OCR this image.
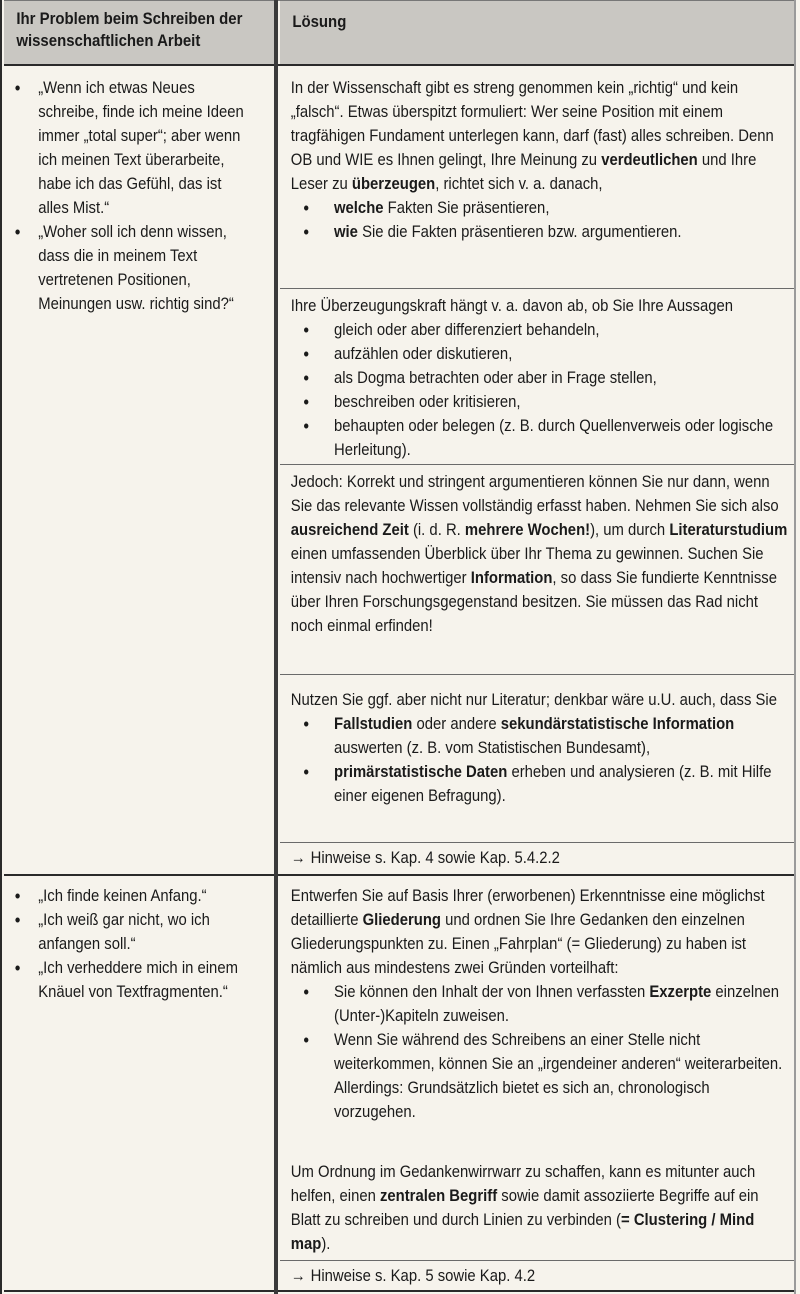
Ihr Problem beim Schreiben der wissenschaftlichen Arbeit
Lösung
• „Wenn ich etwas Neues schreibe, finde ich meine Ideen immer „total super“; aber wenn ich meinen Text überarbeite, habe ich das Gefühl, das ist alles Mist.“
• „Woher soll ich denn wissen, dass die in meinem Text vertretenen Positionen, Meinungen usw. richtig sind?“

In der Wissenschaft gibt es streng genommen kein „richtig“ und kein „falsch“. Etwas überspitzt formuliert: Wer seine Position mit einem tragfähigen Fundament unterlegen kann, darf (fast) alles schreiben. Denn OB und WIE es Ihnen gelingt, Ihre Meinung zu verdeutlichen und Ihre Leser zu überzeugen, richtet sich v. a. danach,

• welche Fakten Sie präsentieren,
• wie Sie die Fakten präsentieren bzw. argumentieren.

Ihre Überzeugungskraft hängt v. a. davon ab, ob Sie Ihre Aussagen

• gleich oder aber differenziert behandeln,
• aufzählen oder diskutieren,
• als Dogma betrachten oder aber in Frage stellen,
• beschreiben oder kritisieren,
• behaupten oder belegen (z. B. durch Quellenverweis oder logische Herleitung).

Jedoch: Korrekt und stringent argumentieren können Sie nur dann, wenn Sie das relevante Wissen vollständig erfasst haben. Nehmen Sie sich also ausreichend Zeit (i. d. R. mehrere Wochen!), um durch Literaturstudium einen umfassenden Überblick über Ihr Thema zu gewinnen. Suchen Sie intensiv nach hochwertiger Information, so dass Sie fundierte Kenntnisse über Ihren Forschungsgegenstand besitzen. Sie müssen das Rad nicht noch einmal erfinden!

Nutzen Sie ggf. aber nicht nur Literatur; denkbar wäre u.U. auch, dass Sie

• Fallstudien oder andere sekundärstatistische Information auswerten (z. B. vom Statistischen Bundesamt),
• primärstatistische Daten erheben und analysieren (z. B. mit Hilfe einer eigenen Befragung).
→ Hinweise s. Kap. 4 sowie Kap. 5.4.2.2
• „Ich finde keinen Anfang.“
• „Ich weiß gar nicht, wo ich anfangen soll.“
• „Ich verheddere mich in einem Knäuel von Textfragmenten.“

Entwerfen Sie auf Basis Ihrer (erworbenen) Erkenntnisse eine möglichst detaillierte Gliederung und ordnen Sie Ihre Gedanken den einzelnen Gliederungspunkten zu. Einen „Fahrplan“ (= Gliederung) zu haben ist nämlich aus mindestens zwei Gründen vorteilhaft:

• Sie können den Inhalt der von Ihnen verfassten Exzerpte einzelnen (Unter-)Kapiteln zuweisen.
• Wenn Sie während des Schreibens an einer Stelle nicht weiterkommen, können Sie an „irgendeiner anderen“ weiterarbeiten. Allerdings: Grundsätzlich bietet es sich an, chronologisch vorzugehen.

Um Ordnung im Gedankenwirrwarr zu schaffen, kann es mitunter auch helfen, einen zentralen Begriff sowie damit assoziierte Begriffe auf ein Blatt zu schreiben und durch Linien zu verbinden (= Clustering / Mind map).

→ Hinweise s. Kap. 5 sowie Kap. 4.2
